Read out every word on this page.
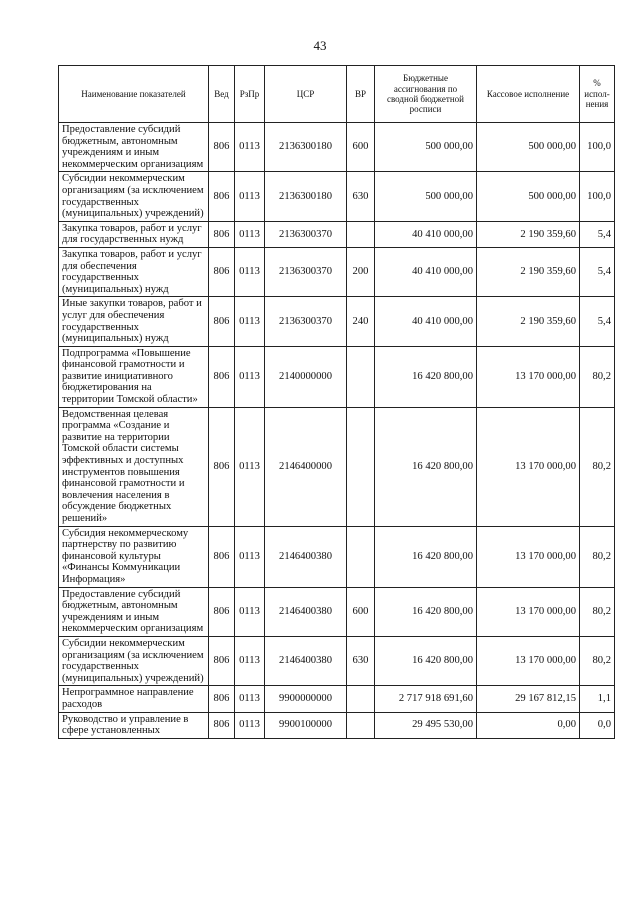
43
Наименование показателей	Вед	РзПр	ЦСР	ВР	Бюджетные ассигнования по сводной бюджетной росписи	Кассовое исполнение	% испол-нения
Предоставление субсидий бюджетным, автономным учреждениям и иным некоммерческим организациям	806	0113	2136300180	600	500 000,00	500 000,00	100,0
Субсидии некоммерческим организациям (за исключением государственных (муниципальных) учреждений)	806	0113	2136300180	630	500 000,00	500 000,00	100,0
Закупка товаров, работ и услуг для государственных нужд	806	0113	2136300370		40 410 000,00	2 190 359,60	5,4
Закупка товаров, работ и услуг для обеспечения государственных (муниципальных) нужд	806	0113	2136300370	200	40 410 000,00	2 190 359,60	5,4
Иные закупки товаров, работ и услуг для обеспечения государственных (муниципальных) нужд	806	0113	2136300370	240	40 410 000,00	2 190 359,60	5,4
Подпрограмма «Повышение финансовой грамотности и развитие инициативного бюджетирования на территории Томской области»	806	0113	2140000000		16 420 800,00	13 170 000,00	80,2
Ведомственная целевая программа «Создание и развитие на территории Томской области системы эффективных и доступных инструментов повышения финансовой грамотности и вовлечения населения в обсуждение бюджетных решений»	806	0113	2146400000		16 420 800,00	13 170 000,00	80,2
Субсидия некоммерческому партнерству по развитию финансовой культуры «Финансы Коммуникации Информация»	806	0113	2146400380		16 420 800,00	13 170 000,00	80,2
Предоставление субсидий бюджетным, автономным учреждениям и иным некоммерческим организациям	806	0113	2146400380	600	16 420 800,00	13 170 000,00	80,2
Субсидии некоммерческим организациям (за исключением государственных (муниципальных) учреждений)	806	0113	2146400380	630	16 420 800,00	13 170 000,00	80,2
Непрограммное направление расходов	806	0113	9900000000		2 717 918 691,60	29 167 812,15	1,1
Руководство и управление в сфере установленных	806	0113	9900100000		29 495 530,00	0,00	0,0
